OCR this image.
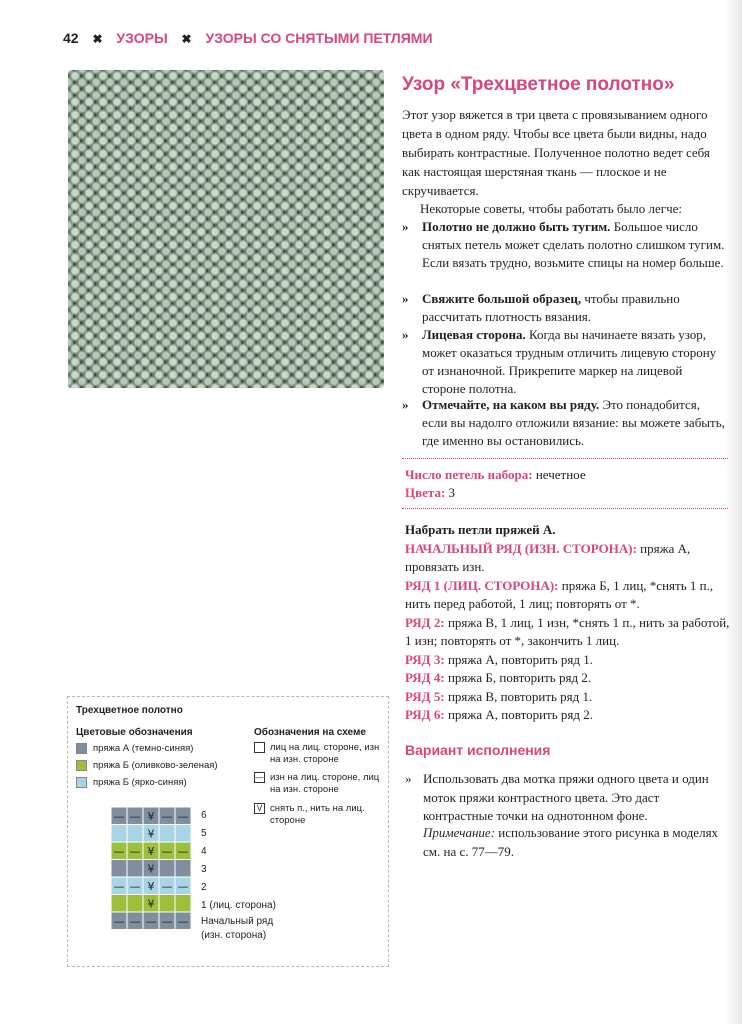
42 ✖ УЗОРЫ ✖ УЗОРЫ СО СНЯТЫМИ ПЕТЛЯМИ
Узор «Трехцветное полотно»

Этот узор вяжется в три цвета с провязыванием одного цвета в одном ряду. Чтобы все цвета были видны, надо выбирать контрастные. Полученное полотно ведет себя как настоящая шерстяная ткань — плоское и не скручивается.

Некоторые советы, чтобы работать было легче:

» Полотно не должно быть тугим. Большое число снятых петель может сделать полотно слишком тугим. Если вязать трудно, возьмите спицы на номер больше.
» Свяжите большой образец, чтобы правильно рассчитать плотность вязания.
» Лицевая сторона. Когда вы начинаете вязать узор, может оказаться трудным отличить лицевую сторону от изнаночной. Прикрепите маркер на лицевой стороне полотна.
» Отмечайте, на каком вы ряду. Это понадобится, если вы надолго отложили вязание: вы можете забыть, где именно вы остановились.
Число петель набора: нечетное
Цвета: 3
Набрать петли пряжей А.
НАЧАЛЬНЫЙ РЯД (ИЗН. СТОРОНА): пряжа А, провязать изн.
РЯД 1 (ЛИЦ. СТОРОНА): пряжа Б, 1 лиц, *снять 1 п., нить перед работой, 1 лиц; повторять от *.
РЯД 2: пряжа В, 1 лиц, 1 изн, *снять 1 п., нить за работой, 1 изн; повторять от *, закончить 1 лиц.
РЯД 3: пряжа А, повторить ряд 1.
РЯД 4: пряжа Б, повторить ряд 2.
РЯД 5: пряжа В, повторить ряд 1.
РЯД 6: пряжа А, повторить ряд 2.
Вариант исполнения
» Использовать два мотка пряжи одного цвета и один моток пряжи контрастного цвета. Это даст контрастные точки на однотонном фоне.
Примечание: использование этого рисунка в моделях см. на с. 77—79.
Трехцветное полотно
Цветовые обозначения	Обозначения на схеме
пряжа А (темно-синяя)
пряжа Б (оливково-зеленая)
пряжа Б (ярко-синяя)
лиц на лиц. стороне, изн на изн. стороне
— изн на лиц. стороне, лиц на изн. стороне
V снять п., нить на лиц. стороне
— — ¥ — —
¥
— — ¥ — —
¥
— — ¥ — —
¥
— — — — —
6
5
4
3
2
1 (лиц. сторона)
Начальный ряд
(изн. сторона)
